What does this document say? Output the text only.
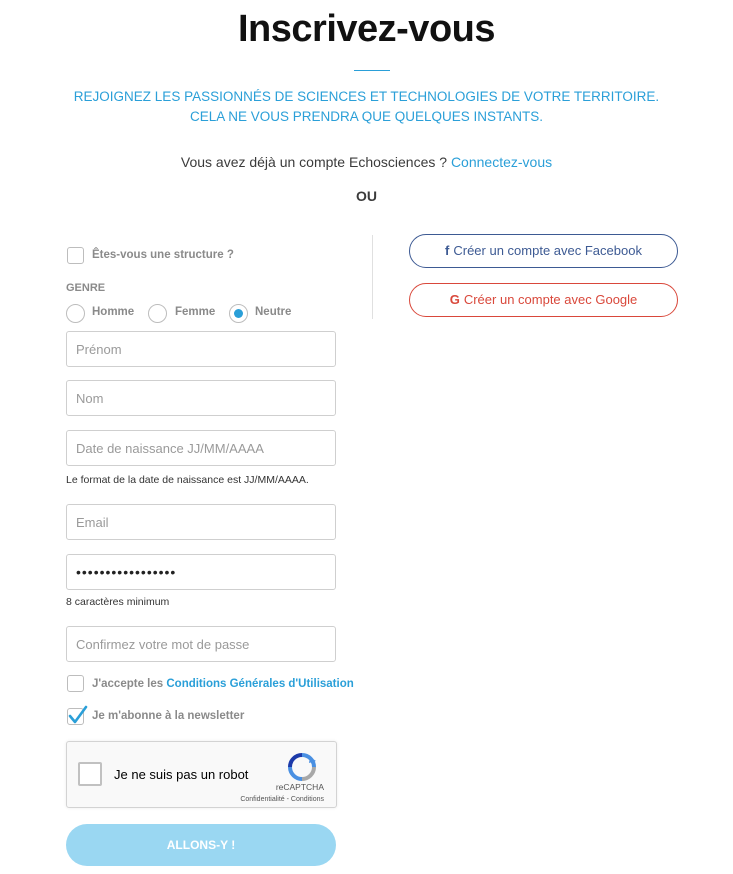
Inscrivez-vous
REJOIGNEZ LES PASSIONNÉS DE SCIENCES ET TECHNOLOGIES DE VOTRE TERRITOIRE.
CELA NE VOUS PRENDRA QUE QUELQUES INSTANTS.
Vous avez déjà un compte Echosciences ? Connectez-vous
OU
f Créer un compte avec Facebook
G Créer un compte avec Google
Êtes-vous une structure ?
GENRE
Homme	Femme	Neutre
Prénom
Nom
Date de naissance JJ/MM/AAAA
Le format de la date de naissance est JJ/MM/AAAA.
Email
•••••••••••••••••
8 caractères minimum
Confirmez votre mot de passe
J'accepte les Conditions Générales d'Utilisation
Je m'abonne à la newsletter
Je ne suis pas un robot
reCAPTCHA
Confidentialité - Conditions
ALLONS-Y !
